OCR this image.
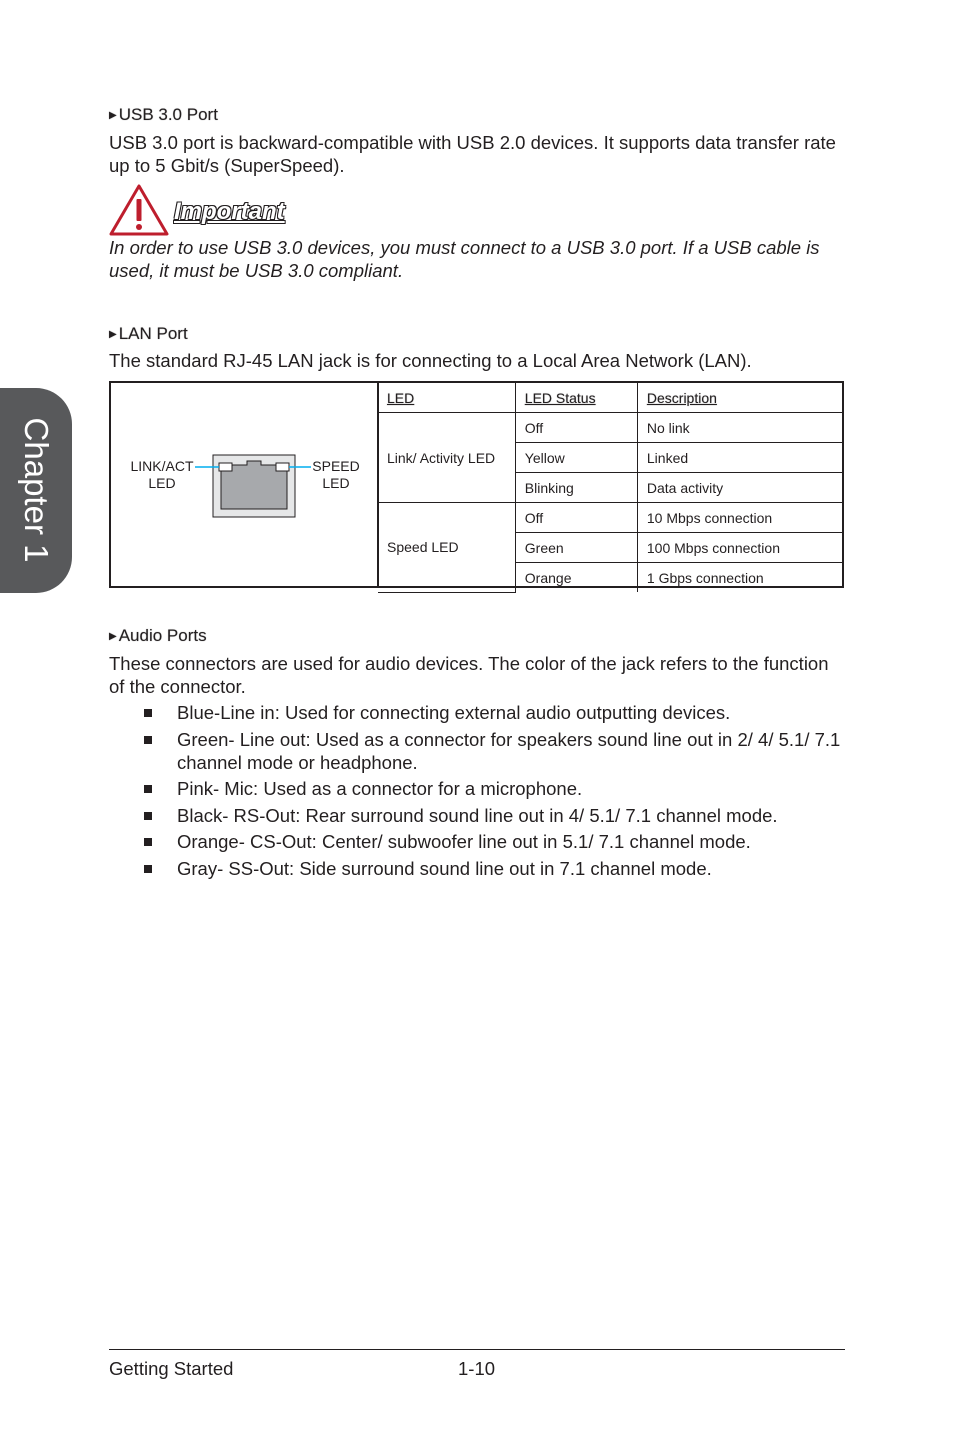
Chapter 1
▶ USB 3.0 Port
USB 3.0 port is backward-compatible with USB 2.0 devices. It supports data transfer rate up to 5 Gbit/s (SuperSpeed).
Important
In order to use USB 3.0 devices, you must connect to a USB 3.0 port. If a USB cable is used, it must be USB 3.0 compliant.
▶ LAN Port
The standard RJ-45 LAN jack is for connecting to a Local Area Network (LAN).
LINK/ACT
LED
SPEED
LED
LED	LED Status	Description
Link/ Activity LED	Off	No link
	Yellow	Linked
	Blinking	Data activity
Speed LED	Off	10 Mbps connection
	Green	100 Mbps connection
	Orange	1 Gbps connection
▶ Audio Ports
These connectors are used for audio devices. The color of the jack refers to the function of the connector.
Blue-Line in: Used for connecting external audio outputting devices.
Green- Line out: Used as a connector for speakers sound line out in 2/ 4/ 5.1/ 7.1 channel mode or headphone.
Pink- Mic: Used as a connector for a microphone.
Black- RS-Out: Rear surround sound line out in 4/ 5.1/ 7.1 channel mode.
Orange- CS-Out: Center/ subwoofer line out in 5.1/ 7.1 channel mode.
Gray- SS-Out: Side surround sound line out in 7.1 channel mode.
Getting Started	1-10
